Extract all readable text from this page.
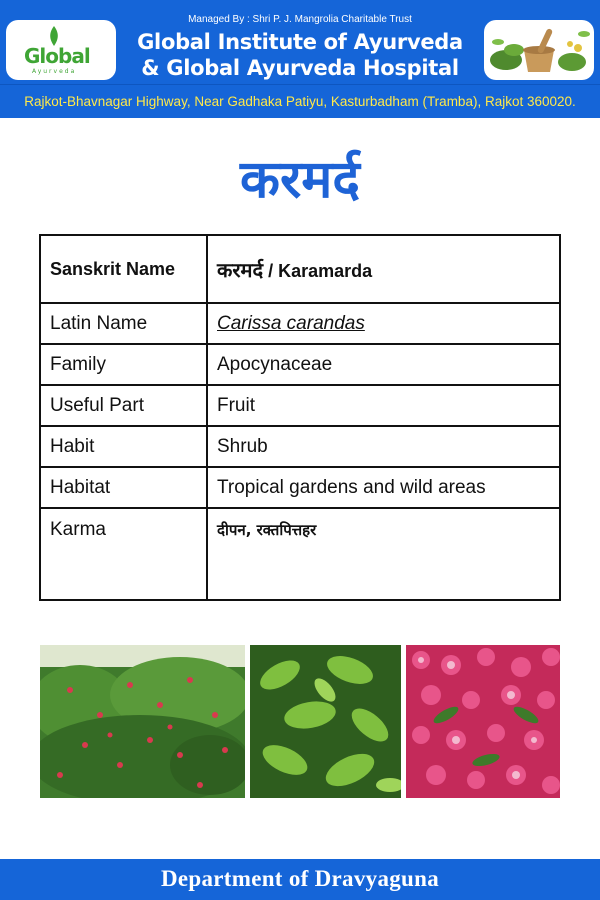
Global
Ayurveda
Managed By : Shri P. J. Mangrolia Charitable Trust
Global Institute of Ayurveda
& Global Ayurveda Hospital
Rajkot-Bhavnagar Highway, Near Gadhaka Patiyu, Kasturbadham (Tramba), Rajkot 360020.
करमर्द
Sanskrit Name	करमर्द / Karamarda
Latin Name	Carissa carandas
Family	Apocynaceae
Useful Part	Fruit
Habit	Shrub
Habitat	Tropical gardens and wild areas
Karma	दीपन, रक्तपित्तहर
Department of Dravyaguna
